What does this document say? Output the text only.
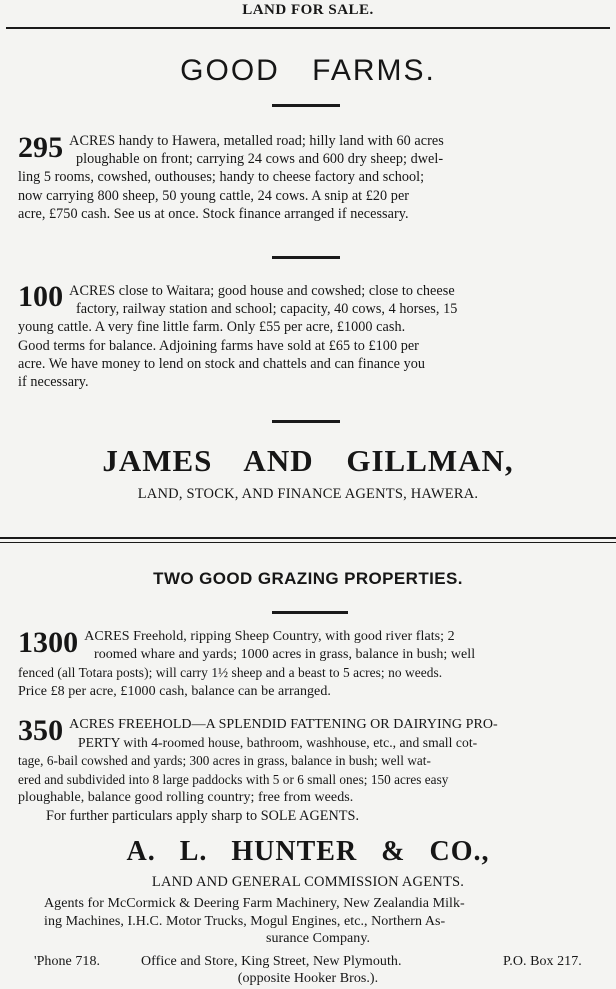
LAND FOR SALE.
GOOD FARMS.

295 ACRES handy to Hawera, metalled road; hilly land with 60 acres

ploughable on front; carrying 24 cows and 600 dry sheep; dwel-

ling 5 rooms, cowshed, outhouses; handy to cheese factory and school;

now carrying 800 sheep, 50 young cattle, 24 cows. A snip at £20 per

acre, £750 cash. See us at once. Stock finance arranged if necessary.

100 ACRES close to Waitara; good house and cowshed; close to cheese

factory, railway station and school; capacity, 40 cows, 4 horses, 15

young cattle. A very fine little farm. Only £55 per acre, £1000 cash.

Good terms for balance. Adjoining farms have sold at £65 to £100 per

acre. We have money to lend on stock and chattels and can finance you

if necessary.

JAMES AND GILLMAN,
LAND, STOCK, AND FINANCE AGENTS, HAWERA.
TWO GOOD GRAZING PROPERTIES.

1300 ACRES Freehold, ripping Sheep Country, with good river flats; 2

roomed whare and yards; 1000 acres in grass, balance in bush; well

fenced (all Totara posts); will carry 1½ sheep and a beast to 5 acres; no weeds.

Price £8 per acre, £1000 cash, balance can be arranged.

350 ACRES FREEHOLD—A SPLENDID FATTENING OR DAIRYING PRO-

PERTY with 4-roomed house, bathroom, washhouse, etc., and small cot-

tage, 6-bail cowshed and yards; 300 acres in grass, balance in bush; well wat-

ered and subdivided into 8 large paddocks with 5 or 6 small ones; 150 acres easy

ploughable, balance good rolling country; free from weeds.

For further particulars apply sharp to SOLE AGENTS.
A. L. HUNTER & CO.,
LAND AND GENERAL COMMISSION AGENTS.
Agents for McCormick & Deering Farm Machinery, New Zealandia Milk-
ing Machines, I.H.C. Motor Trucks, Mogul Engines, etc., Northern As-
surance Company.
'Phone 718.	Office and Store, King Street, New Plymouth.	P.O. Box 217.
(opposite Hooker Bros.).
